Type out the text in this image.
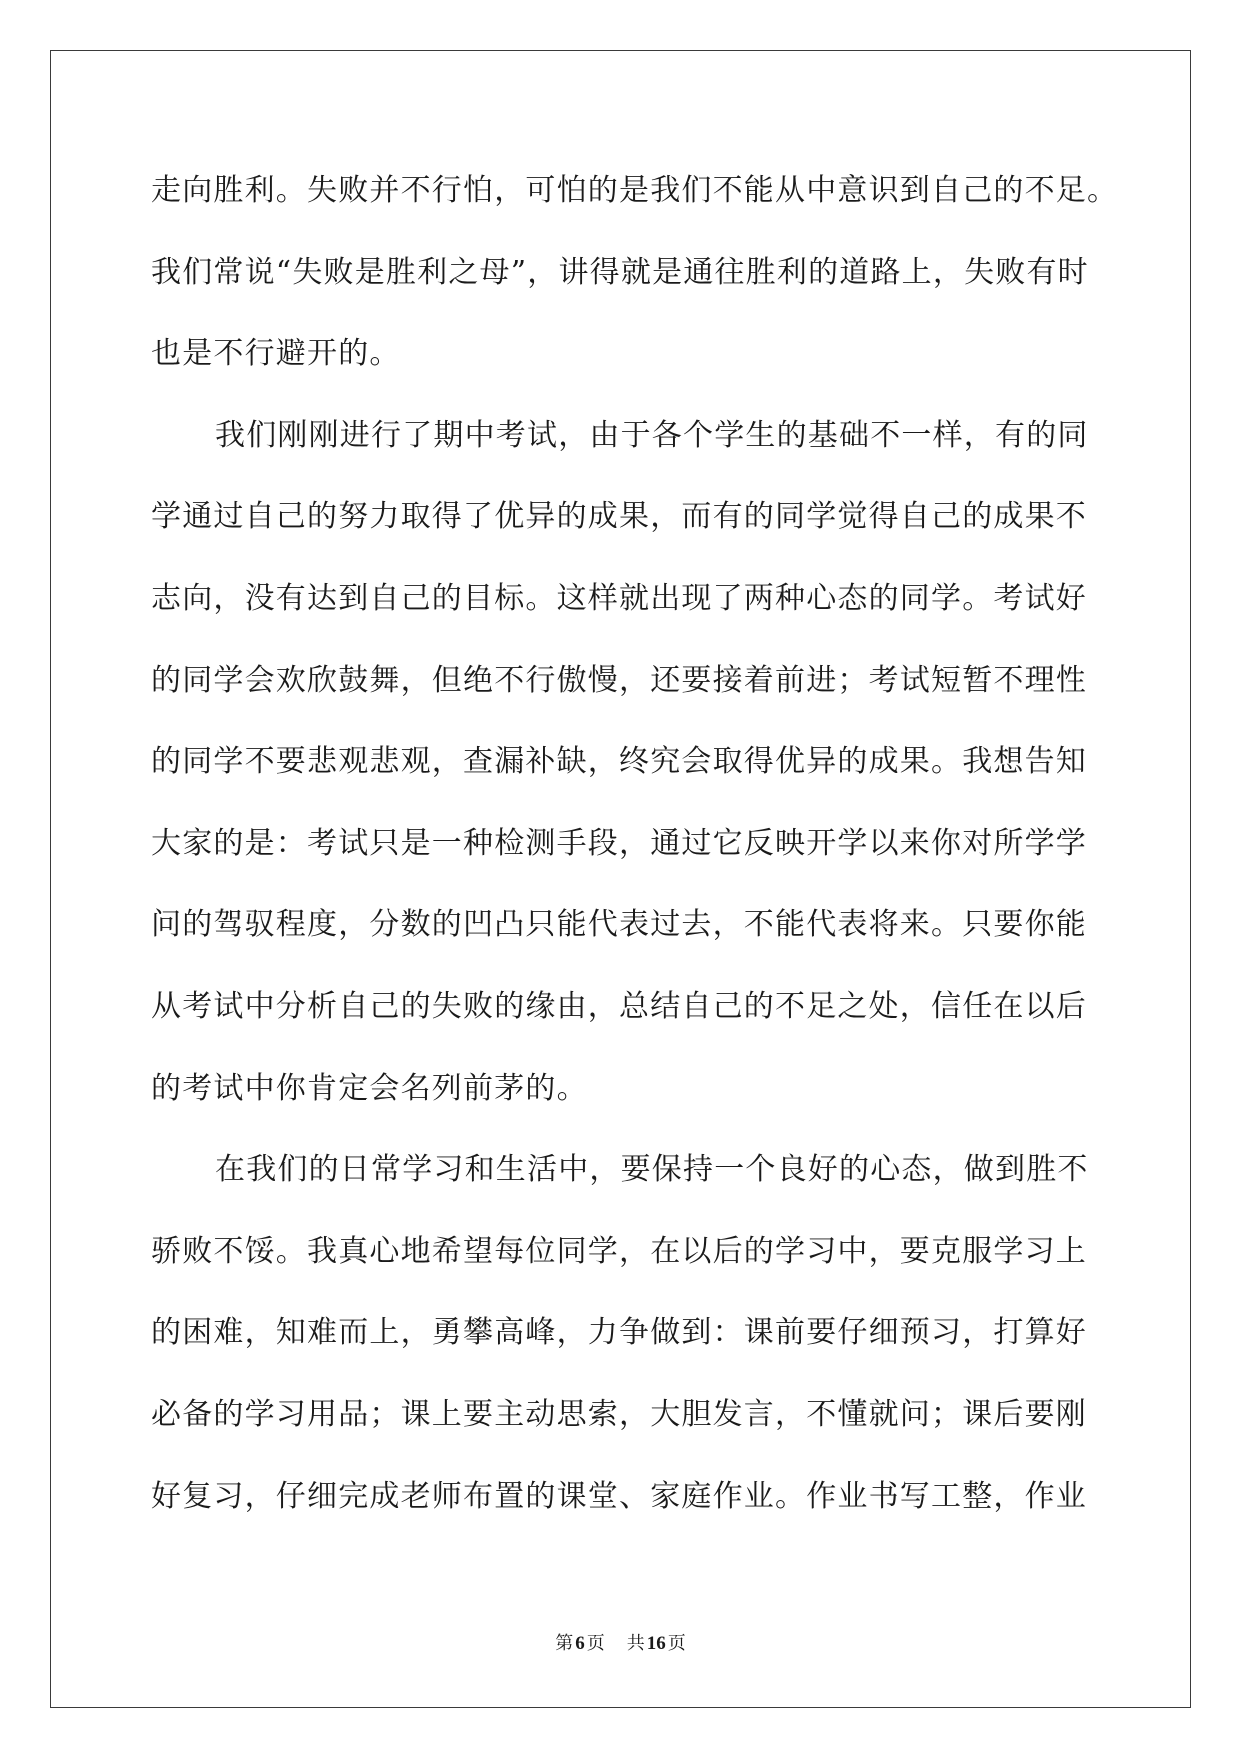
走向胜利。失败并不行怕，可怕的是我们不能从中意识到自己的不足。
我们常说“失败是胜利之母”，讲得就是通往胜利的道路上，失败有时
也是不行避开的。
我们刚刚进行了期中考试，由于各个学生的基础不一样，有的同
学通过自己的努力取得了优异的成果，而有的同学觉得自己的成果不
志向，没有达到自己的目标。这样就出现了两种心态的同学。考试好
的同学会欢欣鼓舞，但绝不行傲慢，还要接着前进；考试短暂不理性
的同学不要悲观悲观，查漏补缺，终究会取得优异的成果。我想告知
大家的是：考试只是一种检测手段，通过它反映开学以来你对所学学
问的驾驭程度，分数的凹凸只能代表过去，不能代表将来。只要你能
从考试中分析自己的失败的缘由，总结自己的不足之处，信任在以后
的考试中你肯定会名列前茅的。
在我们的日常学习和生活中，要保持一个良好的心态，做到胜不
骄败不馁。我真心地希望每位同学，在以后的学习中，要克服学习上
的困难，知难而上，勇攀高峰，力争做到：课前要仔细预习，打算好
必备的学习用品；课上要主动思索，大胆发言，不懂就问；课后要刚
好复习，仔细完成老师布置的课堂、家庭作业。作业书写工整，作业
第 6 页 共 16 页
